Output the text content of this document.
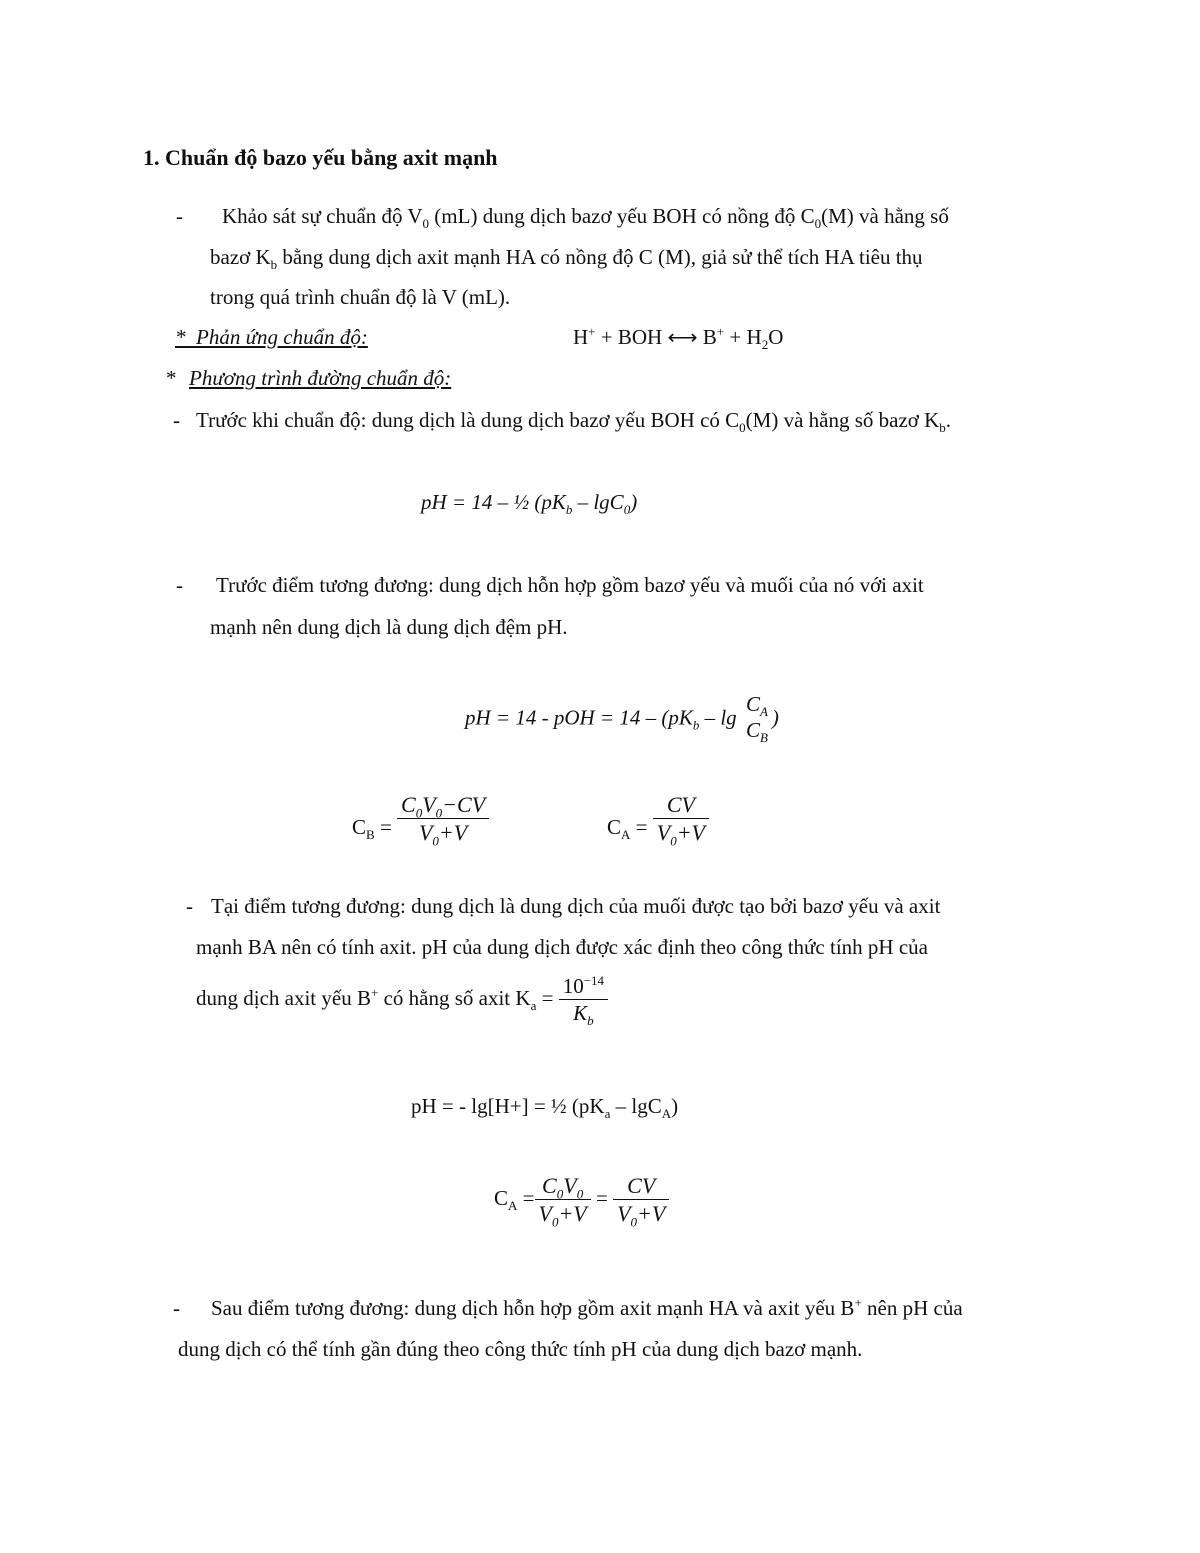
1. Chuẩn độ bazo yếu bằng axit mạnh
- Khảo sát sự chuẩn độ $V_0$ (mL) dung dịch bazơ yếu BOH có nồng độ $C_0(M)$ và hằng số
bazơ $K_b$ bằng dung dịch axit mạnh HA có nồng độ C (M), giả sử thể tích HA tiêu thụ
trong quá trình chuẩn độ là V (mL).
* Phản ứng chuẩn độ:	H+ + BOH ⟷ $B^+ + H_2O$
* Phương trình đường chuẩn độ:
- Trước khi chuẩn độ: dung dịch là dung dịch bazơ yếu BOH có $C_0(M)$ và hằng số bazơ $K_b$.
pH = 14 – ½ $(pK_b - \lg C_0)$
- Trước điểm tương đương: dung dịch hỗn hợp gồm bazơ yếu và muối của nó với axit
mạnh nên dung dịch là dung dịch đệm pH.
pH = 14 - pOH = $14 - (pK_b$ – lg
$C_A$
$C_B$
)
$C_B = \frac{C_0V_0-CV}{V_0+V}$	$C_A = \frac{CV}{V_0+V}$
- Tại điểm tương đương: dung dịch là dung dịch của muối được tạo bởi bazơ yếu và axit
mạnh BA nên có tính axit. pH của dung dịch được xác định theo công thức tính pH của
dung dịch axit yếu B+ có hằng số axit $K_a = \frac{10^{-14}}{K_b}$
pH = - lg[H+] = ½ $(pK_a - \lg C_A)$
$C_A = \frac{C_0V_0}{V_0+V} = \frac{CV}{V_0+V}$
- Sau điểm tương đương: dung dịch hỗn hợp gồm axit mạnh HA và axit yếu B+ nên pH của
dung dịch có thể tính gần đúng theo công thức tính pH của dung dịch bazơ mạnh.
